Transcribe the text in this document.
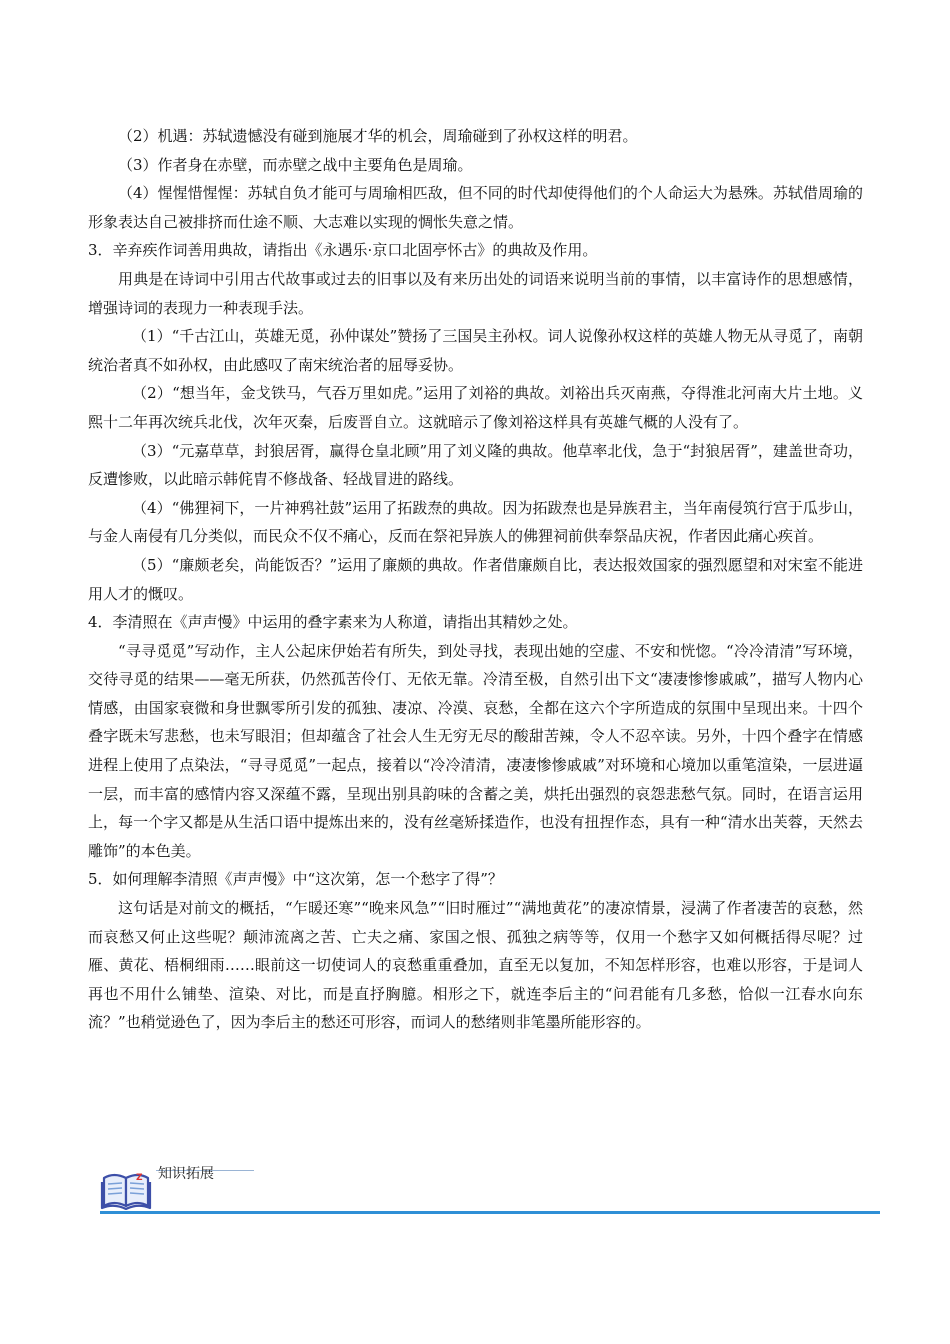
（2）机遇：苏轼遗憾没有碰到施展才华的机会，周瑜碰到了孙权这样的明君。

（3）作者身在赤壁，而赤壁之战中主要角色是周瑜。

（4）惺惺惜惺惺：苏轼自负才能可与周瑜相匹敌，但不同的时代却使得他们的个人命运大为悬殊。苏轼借周瑜的形象表达自己被排挤而仕途不顺、大志难以实现的惆怅失意之情。

3．辛弃疾作词善用典故，请指出《永遇乐·京口北固亭怀古》的典故及作用。

用典是在诗词中引用古代故事或过去的旧事以及有来历出处的词语来说明当前的事情，以丰富诗作的思想感情，增强诗词的表现力一种表现手法。

（1）“千古江山，英雄无觅，孙仲谋处”赞扬了三国吴主孙权。词人说像孙权这样的英雄人物无从寻觅了，南朝统治者真不如孙权，由此感叹了南宋统治者的屈辱妥协。

（2）“想当年，金戈铁马，气吞万里如虎。”运用了刘裕的典故。刘裕出兵灭南燕，夺得淮北河南大片土地。义熙十二年再次统兵北伐，次年灭秦，后废晋自立。这就暗示了像刘裕这样具有英雄气概的人没有了。

（3）“元嘉草草，封狼居胥，赢得仓皇北顾”用了刘义隆的典故。他草率北伐，急于“封狼居胥”，建盖世奇功，反遭惨败，以此暗示韩侂胄不修战备、轻战冒进的路线。

（4）“佛狸祠下，一片神鸦社鼓”运用了拓跋焘的典故。因为拓跋焘也是异族君主，当年南侵筑行宫于瓜步山，与金人南侵有几分类似，而民众不仅不痛心，反而在祭祀异族人的佛狸祠前供奉祭品庆祝，作者因此痛心疾首。

（5）“廉颇老矣，尚能饭否？”运用了廉颇的典故。作者借廉颇自比，表达报效国家的强烈愿望和对宋室不能进用人才的慨叹。

4．李清照在《声声慢》中运用的叠字素来为人称道，请指出其精妙之处。

“寻寻觅觅”写动作，主人公起床伊始若有所失，到处寻找，表现出她的空虚、不安和恍惚。“冷冷清清”写环境，交待寻觅的结果——毫无所获，仍然孤苦伶仃、无依无靠。冷清至极，自然引出下文“凄凄惨惨戚戚”，描写人物内心情感，由国家衰微和身世飘零所引发的孤独、凄凉、冷漠、哀愁，全都在这六个字所造成的氛围中呈现出来。十四个叠字既未写悲愁，也未写眼泪；但却蕴含了社会人生无穷无尽的酸甜苦辣，令人不忍卒读。另外，十四个叠字在情感进程上使用了点染法，“寻寻觅觅”一起点，接着以“冷冷清清，凄凄惨惨戚戚”对环境和心境加以重笔渲染，一层进逼一层，而丰富的感情内容又深蕴不露，呈现出别具韵味的含蓄之美，烘托出强烈的哀怨悲愁气氛。同时，在语言运用上，每一个字又都是从生活口语中提炼出来的，没有丝毫矫揉造作，也没有扭捏作态，具有一种“清水出芙蓉，天然去雕饰”的本色美。

5．如何理解李清照《声声慢》中“这次第，怎一个愁字了得”？

这句话是对前文的概括，“乍暖还寒”“晚来风急”“旧时雁过”“满地黄花”的凄凉情景，浸满了作者凄苦的哀愁，然而哀愁又何止这些呢？颠沛流离之苦、亡夫之痛、家国之恨、孤独之病等等，仅用一个愁字又如何概括得尽呢？过雁、黄花、梧桐细雨……眼前这一切使词人的哀愁重重叠加，直至无以复加，不知怎样形容，也难以形容，于是词人再也不用什么铺垫、渲染、对比，而是直抒胸臆。相形之下，就连李后主的“问君能有几多愁，恰似一江春水向东流？”也稍觉逊色了，因为李后主的愁还可形容，而词人的愁绪则非笔墨所能形容的。

Z 知识拓展
